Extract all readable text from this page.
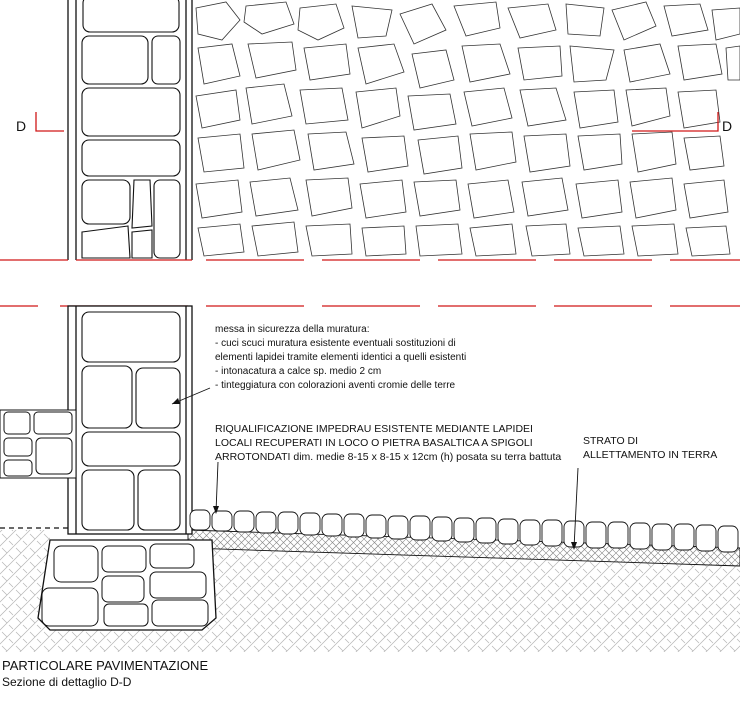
D	D
messa in sicurezza della muratura:
- cuci scuci muratura esistente eventuali sostituzioni di
elementi lapidei tramite elementi identici a quelli esistenti
- intonacatura a calce sp. medio 2 cm
- tinteggiatura con colorazioni aventi cromie delle terre
RIQUALIFICAZIONE IMPEDRAU ESISTENTE MEDIANTE LAPIDEI
LOCALI RECUPERATI IN LOCO O PIETRA BASALTICA A SPIGOLI
ARROTONDATI dim. medie 8-15 x 8-15 x 12cm (h) posata su terra battuta
STRATO DI
ALLETTAMENTO IN TERRA
PARTICOLARE PAVIMENTAZIONE
Sezione di dettaglio D-D
